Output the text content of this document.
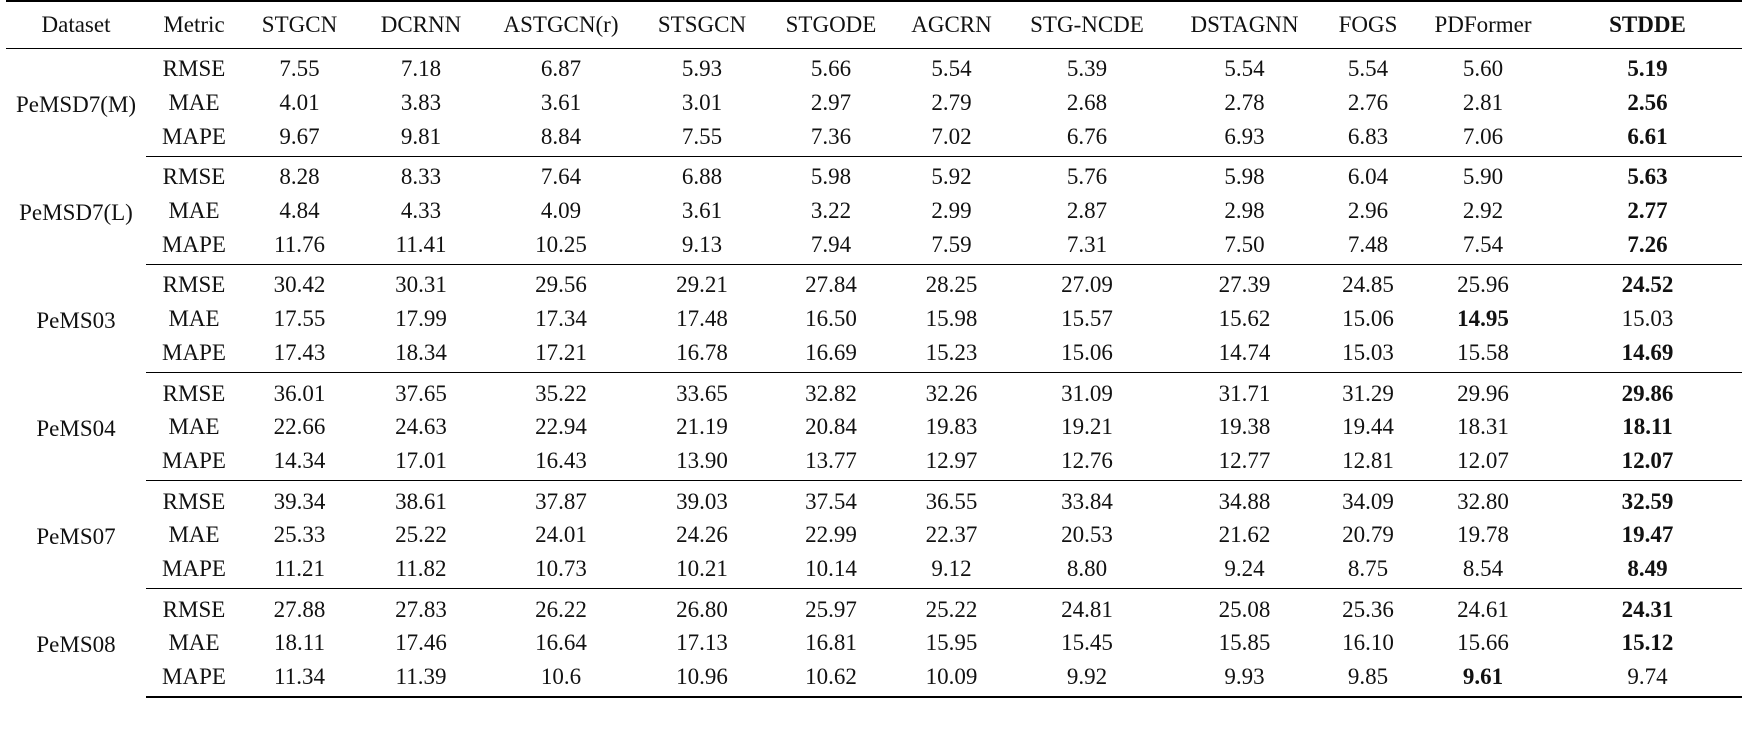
Dataset	Metric	STGCN	DCRNN	ASTGCN(r)	STSGCN	STGODE	AGCRN	STG-NCDE	DSTAGNN	FOGS	PDFormer	STDDE
PeMSD7(M)	RMSE	7.55	7.18	6.87	5.93	5.66	5.54	5.39	5.54	5.54	5.60	5.19
	MAE	4.01	3.83	3.61	3.01	2.97	2.79	2.68	2.78	2.76	2.81	2.56
	MAPE	9.67	9.81	8.84	7.55	7.36	7.02	6.76	6.93	6.83	7.06	6.61
PeMSD7(L)	RMSE	8.28	8.33	7.64	6.88	5.98	5.92	5.76	5.98	6.04	5.90	5.63
	MAE	4.84	4.33	4.09	3.61	3.22	2.99	2.87	2.98	2.96	2.92	2.77
	MAPE	11.76	11.41	10.25	9.13	7.94	7.59	7.31	7.50	7.48	7.54	7.26
PeMS03	RMSE	30.42	30.31	29.56	29.21	27.84	28.25	27.09	27.39	24.85	25.96	24.52
	MAE	17.55	17.99	17.34	17.48	16.50	15.98	15.57	15.62	15.06	14.95	15.03
	MAPE	17.43	18.34	17.21	16.78	16.69	15.23	15.06	14.74	15.03	15.58	14.69
PeMS04	RMSE	36.01	37.65	35.22	33.65	32.82	32.26	31.09	31.71	31.29	29.96	29.86
	MAE	22.66	24.63	22.94	21.19	20.84	19.83	19.21	19.38	19.44	18.31	18.11
	MAPE	14.34	17.01	16.43	13.90	13.77	12.97	12.76	12.77	12.81	12.07	12.07
PeMS07	RMSE	39.34	38.61	37.87	39.03	37.54	36.55	33.84	34.88	34.09	32.80	32.59
	MAE	25.33	25.22	24.01	24.26	22.99	22.37	20.53	21.62	20.79	19.78	19.47
	MAPE	11.21	11.82	10.73	10.21	10.14	9.12	8.80	9.24	8.75	8.54	8.49
PeMS08	RMSE	27.88	27.83	26.22	26.80	25.97	25.22	24.81	25.08	25.36	24.61	24.31
	MAE	18.11	17.46	16.64	17.13	16.81	15.95	15.45	15.85	16.10	15.66	15.12
	MAPE	11.34	11.39	10.6	10.96	10.62	10.09	9.92	9.93	9.85	9.61	9.74
